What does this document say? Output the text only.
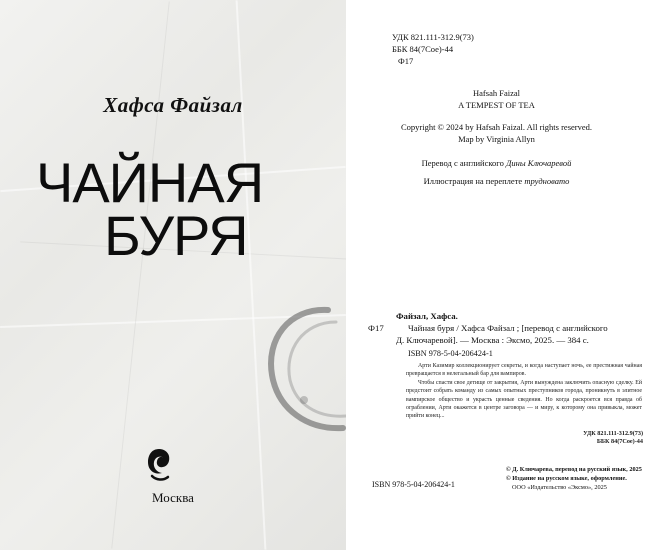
Хафса Файзал
ЧАЙНАЯ
БУРЯ
Москва
УДК 821.111-312.9(73)
ББК 84(7Сое)-44
Ф17
Hafsah Faizal
A TEMPEST OF TEA
Copyright © 2024 by Hafsah Faizal. All rights reserved.
Map by Virginia Allyn
Перевод с английского Дины Ключаревой
Иллюстрация на переплете трудновато
Файзал, Хафса.
Ф17	Чайная буря / Хафса Файзал ; [перевод с английского
Д. Ключаревой]. — Москва : Эксмо, 2025. — 384 с.
ISBN 978-5-04-206424-1

Арти Казимир коллекционирует секреты, и когда наступает ночь, ее престижная чайная превращается в нелегальный бар для вампиров.

Чтобы спасти свое детище от закрытия, Арти вынуждена заключить опасную сделку. Ей предстоит собрать команду из самых опытных преступников города, проникнуть в элитное вампирское общество и украсть ценные сведения. Но когда раскроется вся правда об ограблении, Арти окажется в центре заговора — и миру, к которому она привыкла, может прийти конец...

УДК 821.111-312.9(73)
ББК 84(7Сое)-44
ISBN 978-5-04-206424-1
© Д. Ключарева, перевод на русский язык, 2025
© Издание на русском языке, оформление.
ООО «Издательство «Эксмо», 2025
